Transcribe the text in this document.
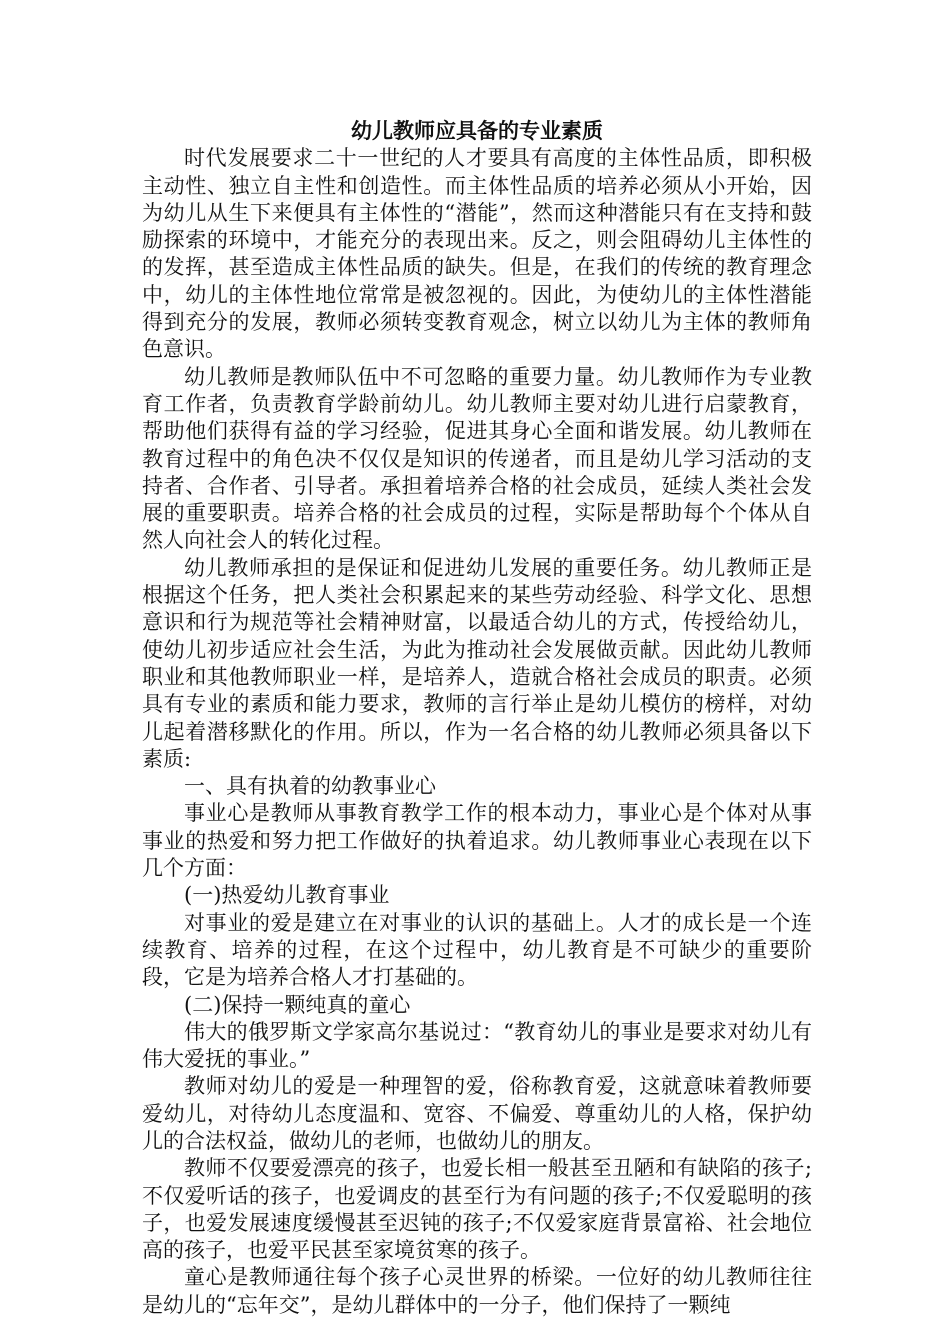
幼儿教师应具备的专业素质

时代发展要求二十一世纪的人才要具有高度的主体性品质，即积极主动性、独立自主性和创造性。而主体性品质的培养必须从小开始，因为幼儿从生下来便具有主体性的“潜能”，然而这种潜能只有在支持和鼓励探索的环境中，才能充分的表现出来。反之，则会阻碍幼儿主体性的的发挥，甚至造成主体性品质的缺失。但是，在我们的传统的教育理念中，幼儿的主体性地位常常是被忽视的。因此，为使幼儿的主体性潜能得到充分的发展，教师必须转变教育观念，树立以幼儿为主体的教师角色意识。

幼儿教师是教师队伍中不可忽略的重要力量。幼儿教师作为专业教育工作者，负责教育学龄前幼儿。幼儿教师主要对幼儿进行启蒙教育，帮助他们获得有益的学习经验，促进其身心全面和谐发展。幼儿教师在教育过程中的角色决不仅仅是知识的传递者，而且是幼儿学习活动的支持者、合作者、引导者。承担着培养合格的社会成员，延续人类社会发展的重要职责。培养合格的社会成员的过程，实际是帮助每个个体从自然人向社会人的转化过程。

幼儿教师承担的是保证和促进幼儿发展的重要任务。幼儿教师正是根据这个任务，把人类社会积累起来的某些劳动经验、科学文化、思想意识和行为规范等社会精神财富，以最适合幼儿的方式，传授给幼儿，使幼儿初步适应社会生活，为此为推动社会发展做贡献。因此幼儿教师职业和其他教师职业一样，是培养人，造就合格社会成员的职责。必须具有专业的素质和能力要求，教师的言行举止是幼儿模仿的榜样，对幼儿起着潜移默化的作用。所以，作为一名合格的幼儿教师必须具备以下素质:

一、具有执着的幼教事业心

事业心是教师从事教育教学工作的根本动力，事业心是个体对从事事业的热爱和努力把工作做好的执着追求。幼儿教师事业心表现在以下几个方面：

(一)热爱幼儿教育事业

对事业的爱是建立在对事业的认识的基础上。人才的成长是一个连续教育、培养的过程，在这个过程中，幼儿教育是不可缺少的重要阶段，它是为培养合格人才打基础的。

(二)保持一颗纯真的童心

伟大的俄罗斯文学家高尔基说过：“教育幼儿的事业是要求对幼儿有伟大爱抚的事业。”

教师对幼儿的爱是一种理智的爱，俗称教育爱，这就意味着教师要爱幼儿，对待幼儿态度温和、宽容、不偏爱、尊重幼儿的人格，保护幼儿的合法权益，做幼儿的老师，也做幼儿的朋友。

教师不仅要爱漂亮的孩子，也爱长相一般甚至丑陋和有缺陷的孩子;不仅爱听话的孩子，也爱调皮的甚至行为有问题的孩子;不仅爱聪明的孩子，也爱发展速度缓慢甚至迟钝的孩子;不仅爱家庭背景富裕、社会地位高的孩子，也爱平民甚至家境贫寒的孩子。

童心是教师通往每个孩子心灵世界的桥梁。一位好的幼儿教师往往是幼儿的“忘年交”，是幼儿群体中的一分子，他们保持了一颗纯
